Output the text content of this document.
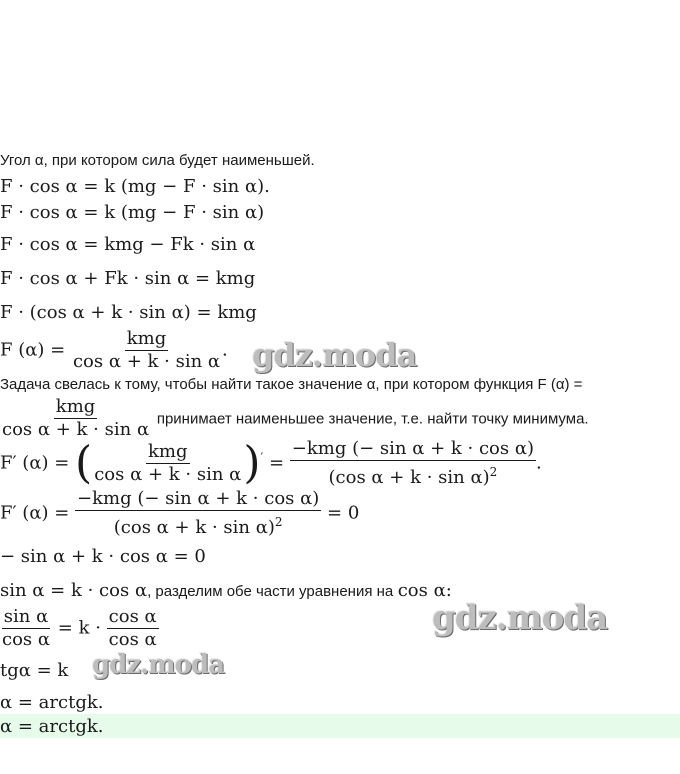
Угол α, при котором сила будет наименьшей.
F · cos α = k (mg − F · sin α).
F · cos α = k (mg − F · sin α)
F · cos α = kmg − Fk · sin α
F · cos α + Fk · sin α = kmg
F · (cos α + k · sin α) = kmg
F $(\alpha) = \frac{\text{kmg}}{\text{cos α + k · sin α}}$ .
Задача свелась к тому, чтобы найти такое значение α, при котором функция F (α) =
$\frac{\text{kmg}}{\text{cos α + k · sin α}}$ принимает наименьшее значение, т.е. найти точку минимума.
F′ (α) = ( $\frac{\text{kmg}}{\text{cos α + k · sin α}} )' = \frac{\text{−kmg (− sin α + k · cos α)}}{(\cos \alpha + k \cdot \sin \alpha)^2}$ .
F′ $(\alpha) = \frac{\text{−kmg (− sin α + k · cos α)}}{(\cos \alpha + k \cdot \sin \alpha)^2} = 0$
− sin α + k · cos α = 0
sin α = k · cos α, разделим обе части уравнения на cos α:
$\frac{\text{sin α}}{\text{cos α}} = k \cdot \frac{\text{cos α}}{\text{cos α}}$
tgα = k
α = arctgk.
α = arctgk.
gdz.moda
gdz.moda
gdz.moda
